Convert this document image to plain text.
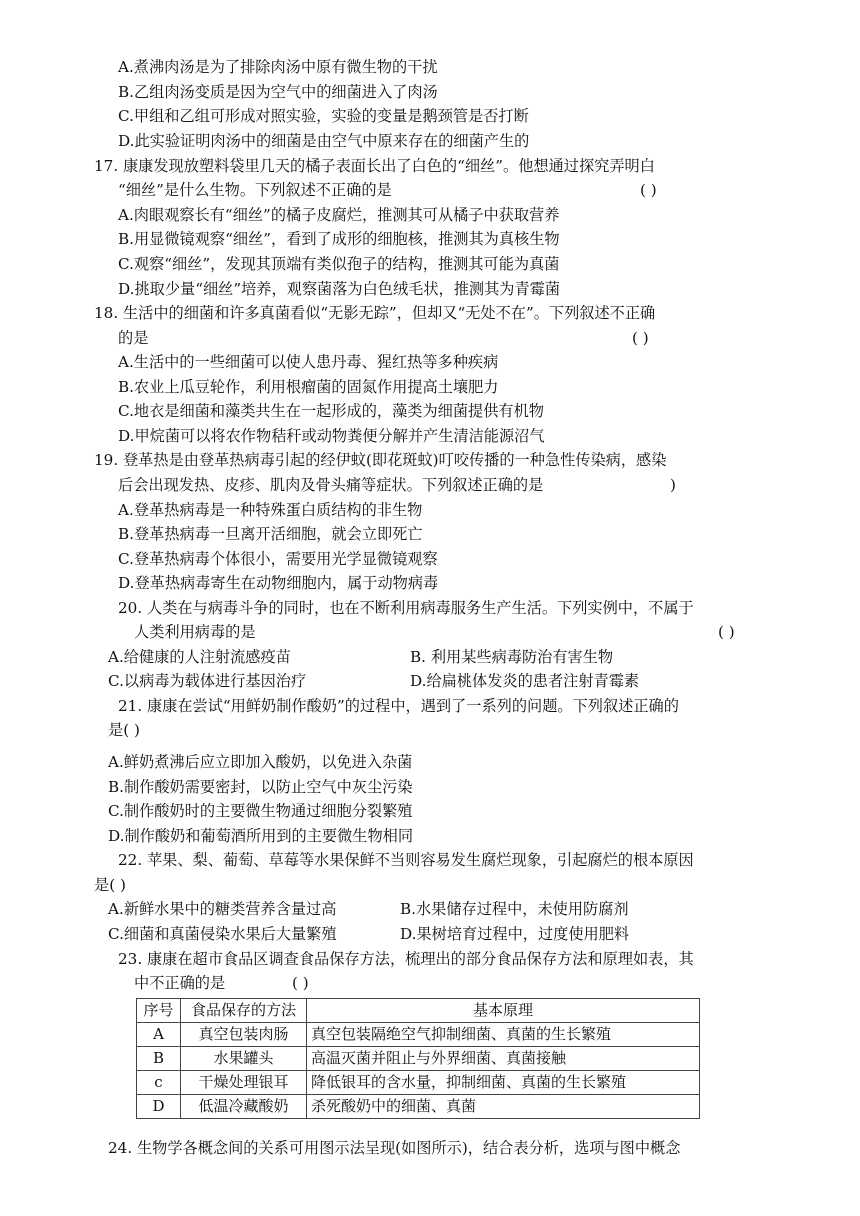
A.煮沸肉汤是为了排除肉汤中原有微生物的干扰
B.乙组肉汤变质是因为空气中的细菌进入了肉汤
C.甲组和乙组可形成对照实验，实验的变量是鹅颈管是否打断
D.此实验证明肉汤中的细菌是由空气中原来存在的细菌产生的
17. 康康发现放塑料袋里几天的橘子表面长出了白色的“细丝”。他想通过探究弄明白
“细丝”是什么生物。下列叙述不正确的是	( )
A.肉眼观察长有“细丝”的橘子皮腐烂，推测其可从橘子中获取营养
B.用显微镜观察“细丝”，看到了成形的细胞核，推测其为真核生物
C.观察“细丝”，发现其顶端有类似孢子的结构，推测其可能为真菌
D.挑取少量“细丝”培养，观察菌落为白色绒毛状，推测其为青霉菌
18. 生活中的细菌和许多真菌看似“无影无踪”，但却又“无处不在”。下列叙述不正确
的是	( )
A.生活中的一些细菌可以使人患丹毒、猩红热等多种疾病
B.农业上瓜豆轮作，利用根瘤菌的固氮作用提高土壤肥力
C.地衣是细菌和藻类共生在一起形成的，藻类为细菌提供有机物
D.甲烷菌可以将农作物秸秆或动物粪便分解并产生清洁能源沼气
19. 登革热是由登革热病毒引起的经伊蚊(即花斑蚊)叮咬传播的一种急性传染病，感染
后会出现发热、皮疹、肌肉及骨头痛等症状。下列叙述正确的是	)
A.登革热病毒是一种特殊蛋白质结构的非生物
B.登革热病毒一旦离开活细胞，就会立即死亡
C.登革热病毒个体很小，需要用光学显微镜观察
D.登革热病毒寄生在动物细胞内，属于动物病毒
20. 人类在与病毒斗争的同时，也在不断利用病毒服务生产生活。下列实例中，不属于
人类利用病毒的是	( )
A.给健康的人注射流感疫苗	B. 利用某些病毒防治有害生物
C.以病毒为载体进行基因治疗	D.给扁桃体发炎的患者注射青霉素
21. 康康在尝试“用鲜奶制作酸奶”的过程中，遇到了一系列的问题。下列叙述正确的
是( )
A.鲜奶煮沸后应立即加入酸奶，以免进入杂菌
B.制作酸奶需要密封，以防止空气中灰尘污染
C.制作酸奶时的主要微生物通过细胞分裂繁殖
D.制作酸奶和葡萄酒所用到的主要微生物相同
22. 苹果、梨、葡萄、草莓等水果保鲜不当则容易发生腐烂现象，引起腐烂的根本原因
是( )
A.新鲜水果中的糖类营养含量过高	B.水果储存过程中，未使用防腐剂
C.细菌和真菌侵染水果后大量繁殖	D.果树培育过程中，过度使用肥料
23. 康康在超市食品区调查食品保存方法，梳理出的部分食品保存方法和原理如表，其
中不正确的是	( )
序号	食品保存的方法	基本原理
A	真空包装肉肠	真空包装隔绝空气抑制细菌、真菌的生长繁殖
B	水果罐头	高温灭菌并阻止与外界细菌、真菌接触
c	干燥处理银耳	降低银耳的含水量，抑制细菌、真菌的生长繁殖
D	低温冷藏酸奶	杀死酸奶中的细菌、真菌
24. 生物学各概念间的关系可用图示法呈现(如图所示)，结合表分析，选项与图中概念
